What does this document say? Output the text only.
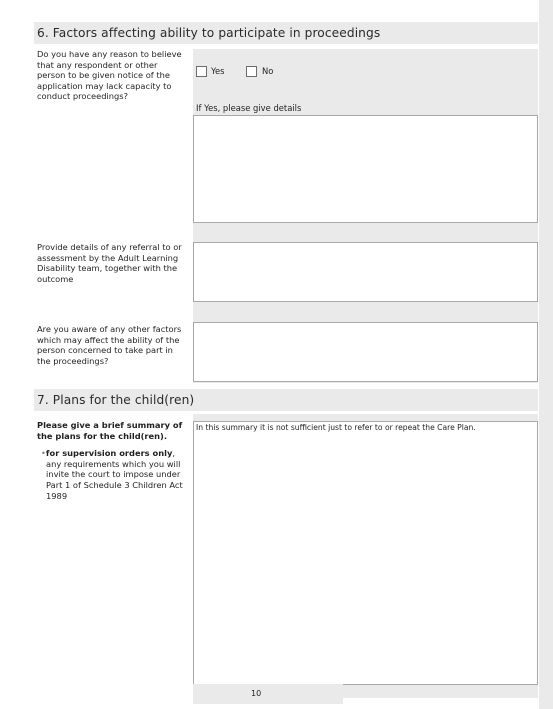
6. Factors affecting ability to participate in proceedings
Do you have any reason to believe that any respondent or other person to be given notice of the application may lack capacity to conduct proceedings?
Yes	No
If Yes, please give details
Provide details of any referral to or assessment by the Adult Learning Disability team, together with the outcome
Are you aware of any other factors which may affect the ability of the person concerned to take part in the proceedings?
7. Plans for the child(ren)
Please give a brief summary of the plans for the child(ren).
•for supervision orders only, any requirements which you will invite the court to impose under Part 1 of Schedule 3 Children Act 1989
In this summary it is not sufficient just to refer to or repeat the Care Plan.
10
